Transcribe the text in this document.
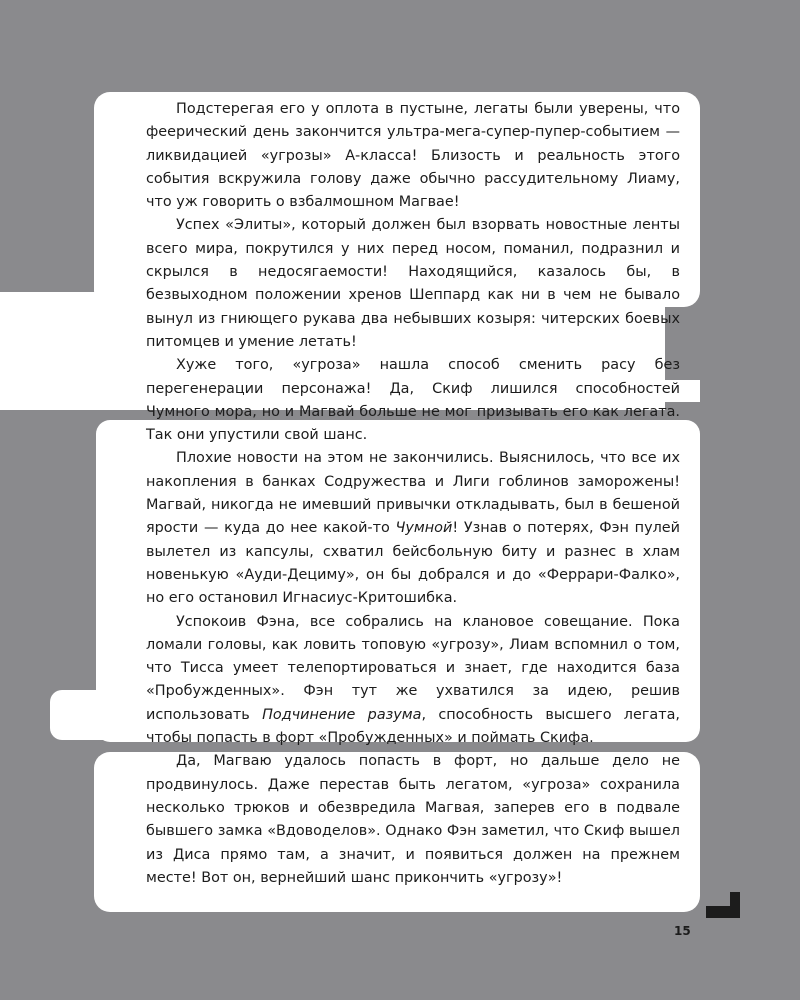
Подстерегая его у оплота в пустыне, легаты были уверены, что феерический день закончится ультра-мега-супер-пупер-событием — ликвидацией «угрозы» А-класса! Близость и реальность этого события вскружила голову даже обычно рассудительному Лиаму, что уж говорить о взбалмошном Магвае!

Успех «Элиты», который должен был взорвать новостные ленты всего мира, покрутился у них перед носом, поманил, подразнил и скрылся в недосягаемости! Находящийся, казалось бы, в безвыходном положении хренов Шеппард как ни в чем не бывало вынул из гниющего рукава два небывших козыря: читерских боевых питомцев и умение летать!

Хуже того, «угроза» нашла способ сменить расу без перегенерации персонажа! Да, Скиф лишился способностей Чумного мора, но и Магвай больше не мог призывать его как легата. Так они упустили свой шанс.

Плохие новости на этом не закончились. Выяснилось, что все их накопления в банках Содружества и Лиги гоблинов заморожены! Магвай, никогда не имевший привычки откладывать, был в бешеной ярости — куда до нее какой-то Чумной! Узнав о потерях, Фэн пулей вылетел из капсулы, схватил бейсбольную биту и разнес в хлам новенькую «Ауди-Дециму», он бы добрался и до «Феррари-Фалко», но его остановил Игнасиус-Критошибка.

Успокоив Фэна, все собрались на клановое совещание. Пока ломали головы, как ловить топовую «угрозу», Лиам вспомнил о том, что Тисса умеет телепортироваться и знает, где находится база «Пробужденных». Фэн тут же ухватился за идею, решив использовать Подчинение разума, способность высшего легата, чтобы попасть в форт «Пробужденных» и поймать Скифа.

Да, Магваю удалось попасть в форт, но дальше дело не продвинулось. Даже перестав быть легатом, «угроза» сохранила несколько трюков и обезвредила Магвая, заперев его в подвале бывшего замка «Вдоводелов». Однако Фэн заметил, что Скиф вышел из Диса прямо там, а значит, и появиться должен на прежнем месте! Вот он, вернейший шанс прикончить «угрозу»!

15
